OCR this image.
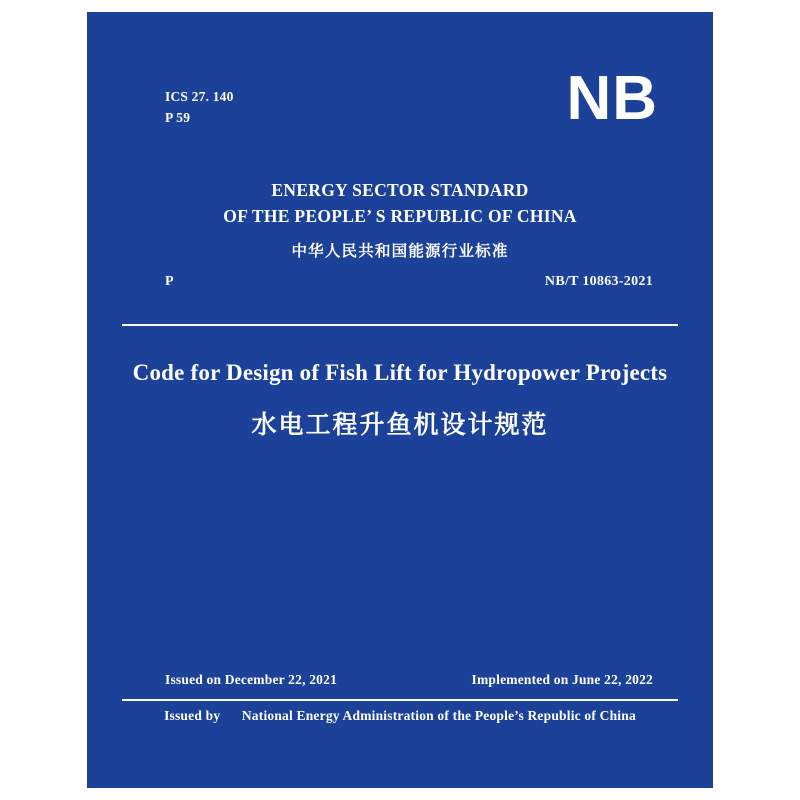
ICS 27. 140
P 59	NB
ENERGY SECTOR STANDARD
OF THE PEOPLE’ S REPUBLIC OF CHINA
中华人民共和国能源行业标准
P	NB/T 10863-2021
Code for Design of Fish Lift for Hydropower Projects
水电工程升鱼机设计规范
Issued on December 22, 2021	Implemented on June 22, 2022
Issued by National Energy Administration of the People’s Republic of China
